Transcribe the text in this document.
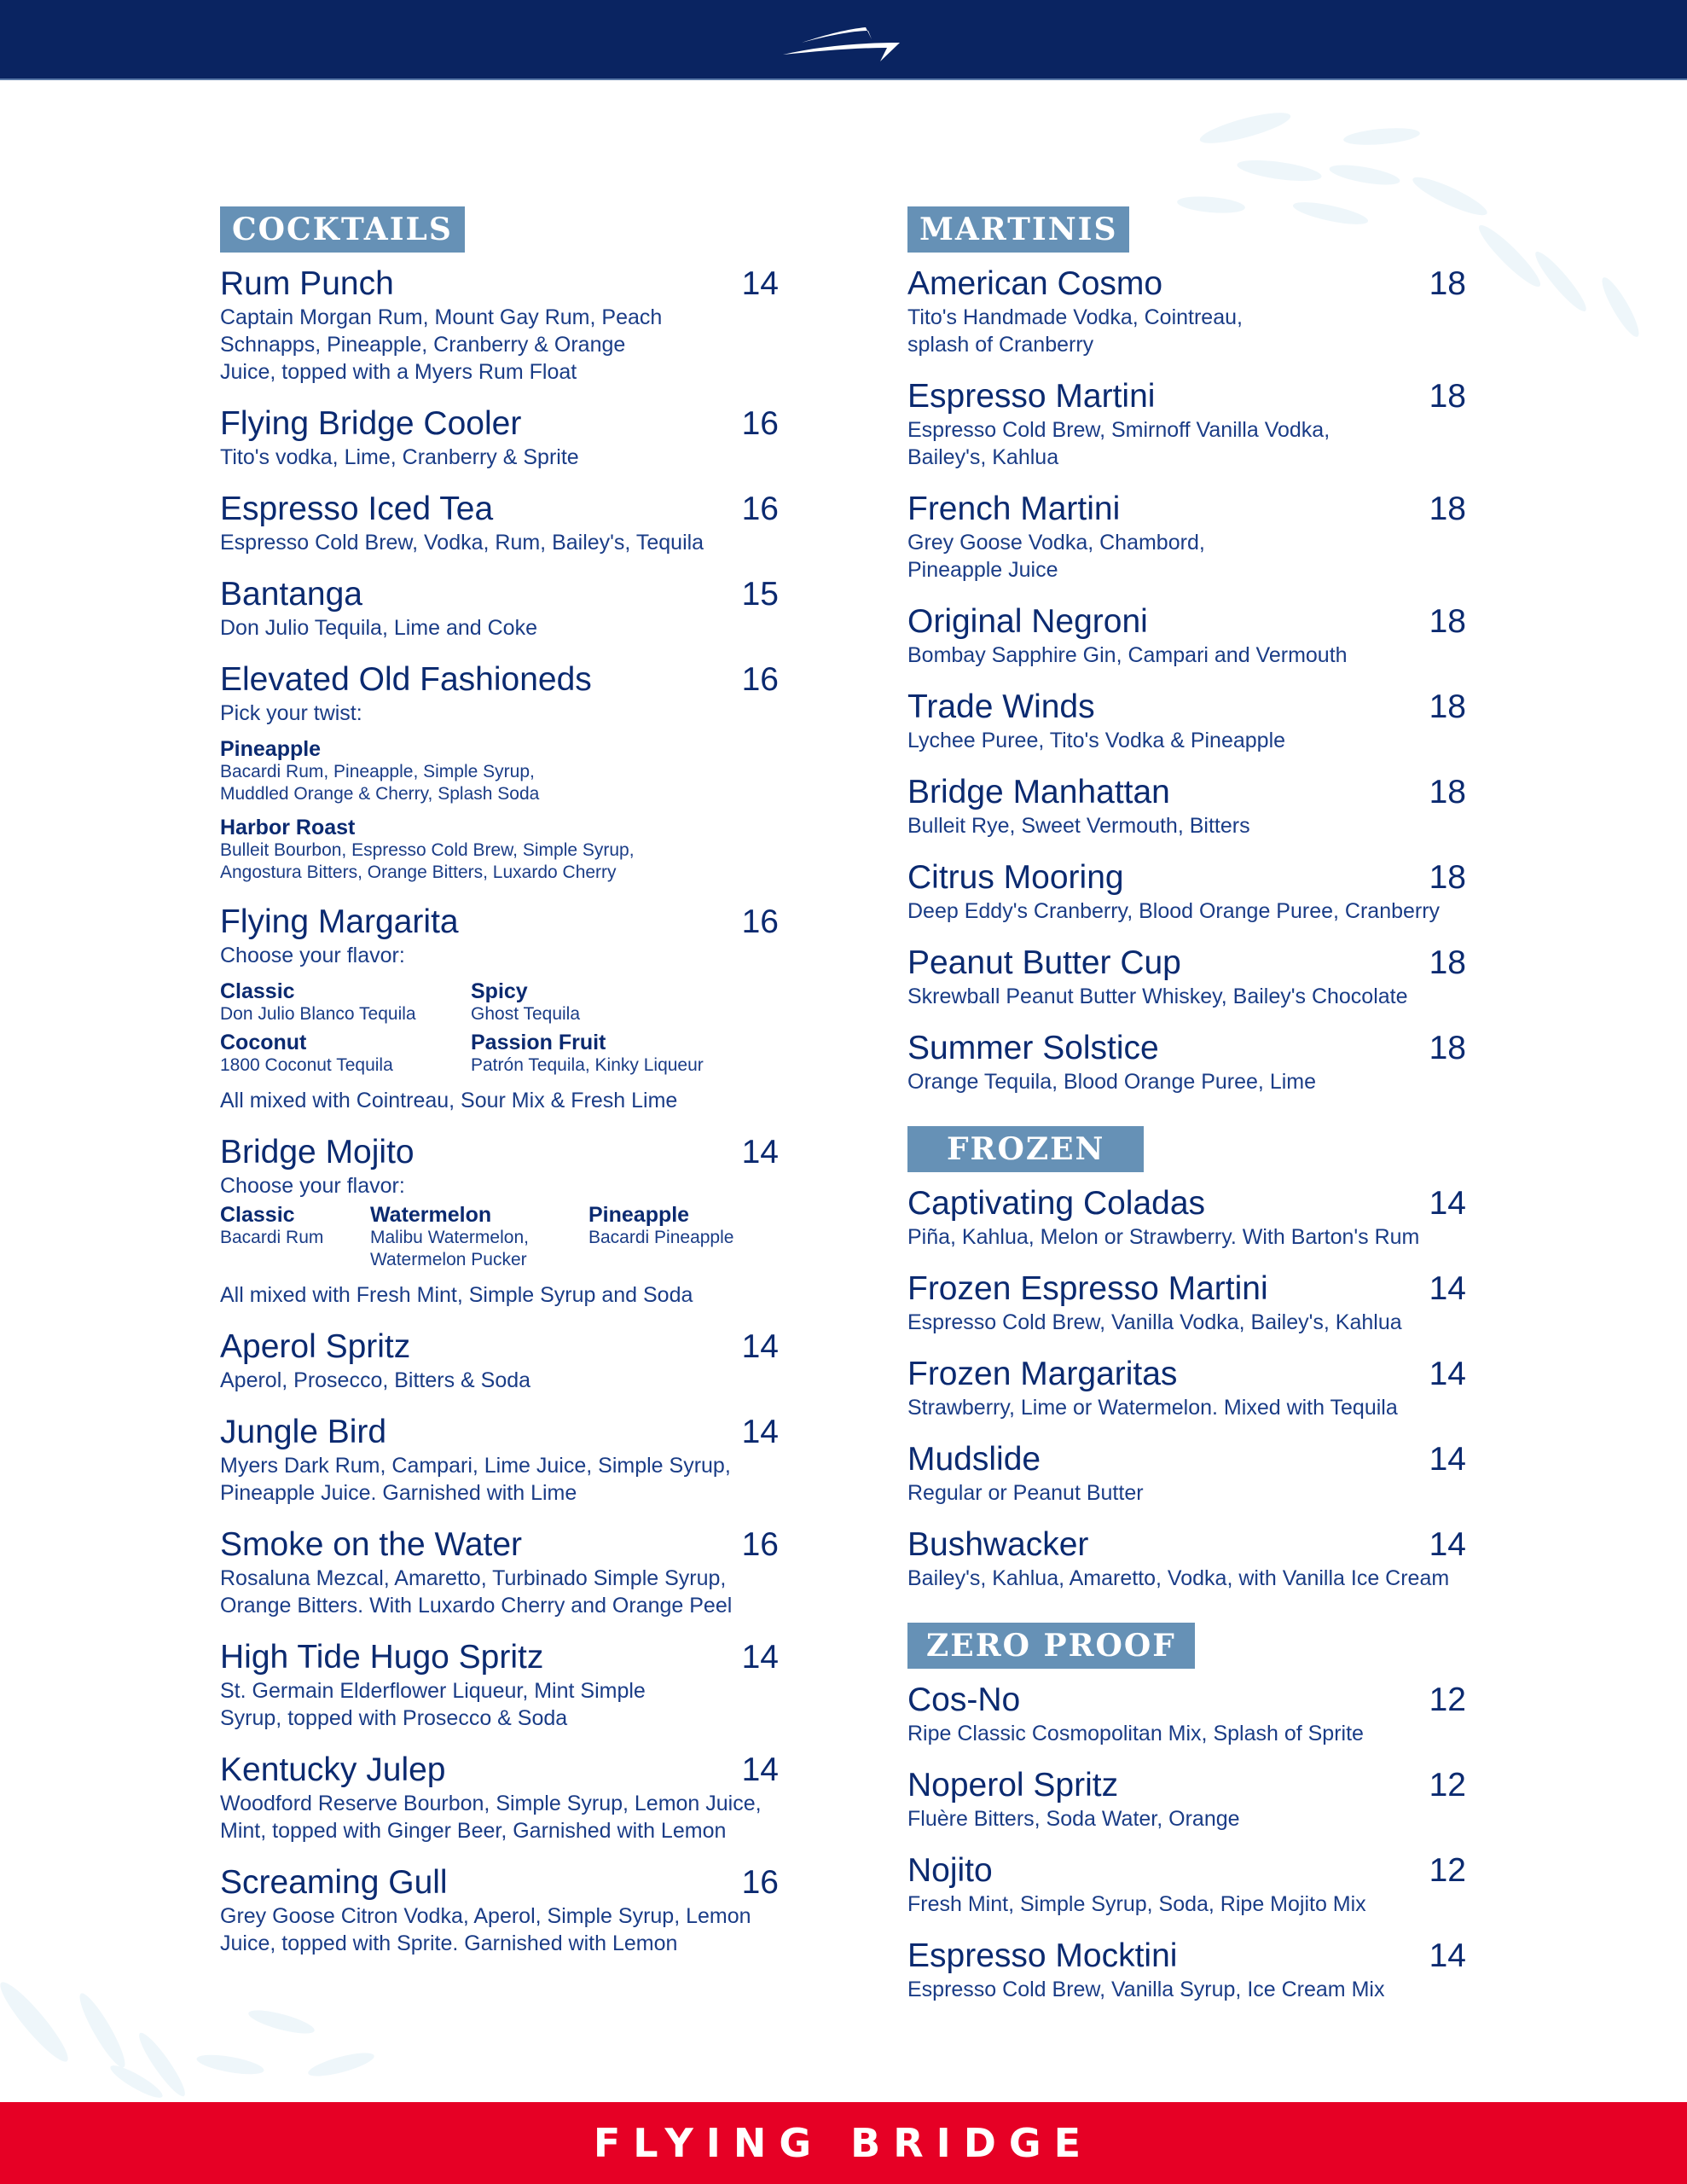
COCKTAILS
Rum Punch	14
Captain Morgan Rum, Mount Gay Rum, Peach Schnapps, Pineapple, Cranberry & Orange Juice, topped with a Myers Rum Float
Flying Bridge Cooler	16
Tito's vodka, Lime, Cranberry & Sprite
Espresso Iced Tea	16
Espresso Cold Brew, Vodka, Rum, Bailey's, Tequila
Bantanga	15
Don Julio Tequila, Lime and Coke
Elevated Old Fashioneds	16
Pick your twist:
Pineapple
Bacardi Rum, Pineapple, Simple Syrup, Muddled Orange & Cherry, Splash Soda
Harbor Roast
Bulleit Bourbon, Espresso Cold Brew, Simple Syrup, Angostura Bitters, Orange Bitters, Luxardo Cherry
Flying Margarita	16
Choose your flavor:
Classic
Don Julio Blanco Tequila
Spicy
Ghost Tequila
Coconut
1800 Coconut Tequila
Passion Fruit
Patrón Tequila, Kinky Liqueur
All mixed with Cointreau, Sour Mix & Fresh Lime
Bridge Mojito	14
Choose your flavor:
Classic
Bacardi Rum
Watermelon
Malibu Watermelon, Watermelon Pucker
Pineapple
Bacardi Pineapple
All mixed with Fresh Mint, Simple Syrup and Soda
Aperol Spritz	14
Aperol, Prosecco, Bitters & Soda
Jungle Bird	14
Myers Dark Rum, Campari, Lime Juice, Simple Syrup, Pineapple Juice. Garnished with Lime
Smoke on the Water	16
Rosaluna Mezcal, Amaretto, Turbinado Simple Syrup, Orange Bitters. With Luxardo Cherry and Orange Peel
High Tide Hugo Spritz	14
St. Germain Elderflower Liqueur, Mint Simple Syrup, topped with Prosecco & Soda
Kentucky Julep	14
Woodford Reserve Bourbon, Simple Syrup, Lemon Juice, Mint, topped with Ginger Beer, Garnished with Lemon
Screaming Gull	16
Grey Goose Citron Vodka, Aperol, Simple Syrup, Lemon Juice, topped with Sprite. Garnished with Lemon
MARTINIS
American Cosmo	18
Tito's Handmade Vodka, Cointreau, splash of Cranberry
Espresso Martini	18
Espresso Cold Brew, Smirnoff Vanilla Vodka, Bailey's, Kahlua
French Martini	18
Grey Goose Vodka, Chambord, Pineapple Juice
Original Negroni	18
Bombay Sapphire Gin, Campari and Vermouth
Trade Winds	18
Lychee Puree, Tito's Vodka & Pineapple
Bridge Manhattan	18
Bulleit Rye, Sweet Vermouth, Bitters
Citrus Mooring	18
Deep Eddy's Cranberry, Blood Orange Puree, Cranberry
Peanut Butter Cup	18
Skrewball Peanut Butter Whiskey, Bailey's Chocolate
Summer Solstice	18
Orange Tequila, Blood Orange Puree, Lime
FROZEN
Captivating Coladas	14
Piña, Kahlua, Melon or Strawberry. With Barton's Rum
Frozen Espresso Martini	14
Espresso Cold Brew, Vanilla Vodka, Bailey's, Kahlua
Frozen Margaritas	14
Strawberry, Lime or Watermelon. Mixed with Tequila
Mudslide	14
Regular or Peanut Butter
Bushwacker	14
Bailey's, Kahlua, Amaretto, Vodka, with Vanilla Ice Cream
ZERO PROOF
Cos-No	12
Ripe Classic Cosmopolitan Mix, Splash of Sprite
Noperol Spritz	12
Fluère Bitters, Soda Water, Orange
Nojito	12
Fresh Mint, Simple Syrup, Soda, Ripe Mojito Mix
Espresso Mocktini	14
Espresso Cold Brew, Vanilla Syrup, Ice Cream Mix
FLYING BRIDGE
